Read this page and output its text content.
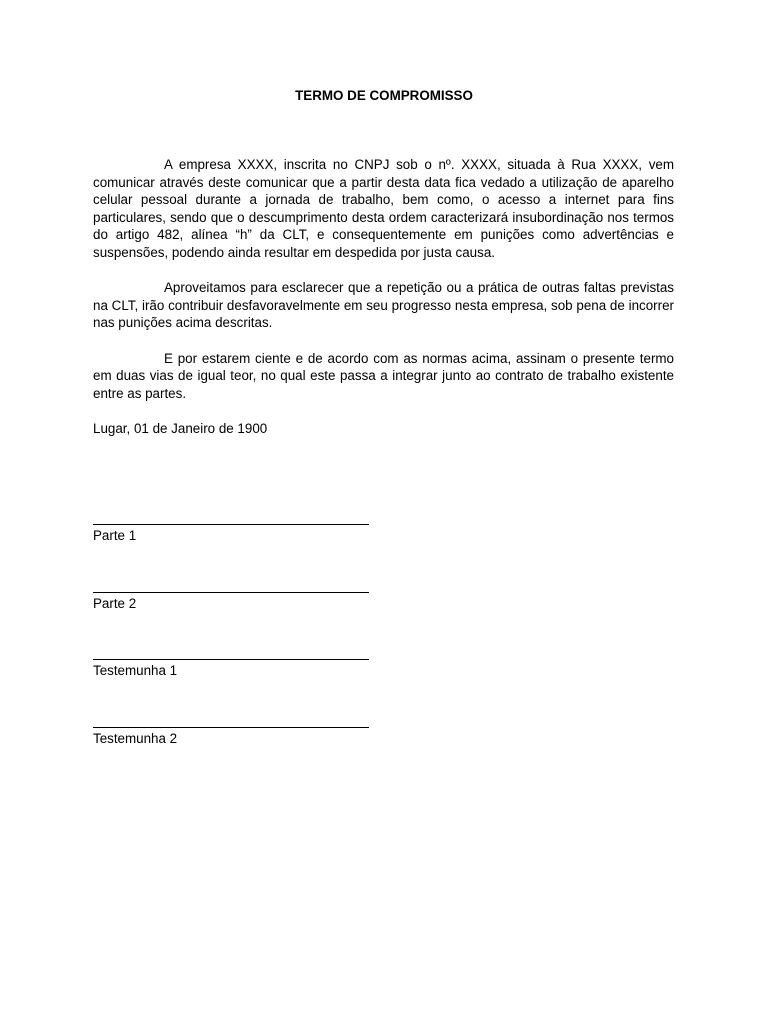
TERMO DE COMPROMISSO

A empresa XXXX, inscrita no CNPJ sob o nº. XXXX, situada à Rua XXXX, vem comunicar através deste comunicar que a partir desta data fica vedado a utilização de aparelho celular pessoal durante a jornada de trabalho, bem como, o acesso a internet para fins particulares, sendo que o descumprimento desta ordem caracterizará insubordinação nos termos do artigo 482, alínea “h” da CLT, e consequentemente em punições como advertências e suspensões, podendo ainda resultar em despedida por justa causa.

Aproveitamos para esclarecer que a repetição ou a prática de outras faltas previstas na CLT, irão contribuir desfavoravelmente em seu progresso nesta empresa, sob pena de incorrer nas punições acima descritas.

E por estarem ciente e de acordo com as normas acima, assinam o presente termo em duas vias de igual teor, no qual este passa a integrar junto ao contrato de trabalho existente entre as partes.

Lugar, 01 de Janeiro de 1900

Parte 1
Parte 2
Testemunha 1
Testemunha 2
